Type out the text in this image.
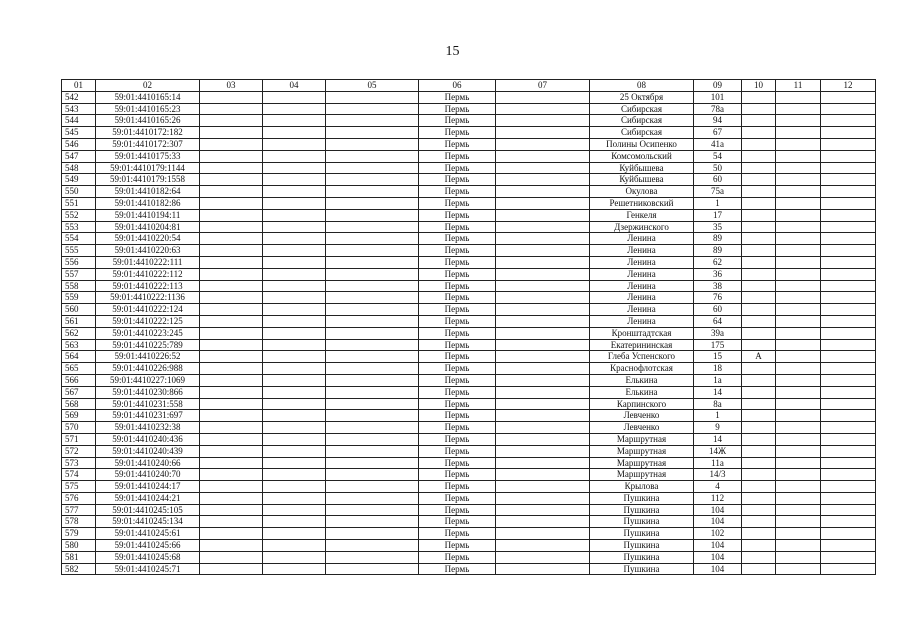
15
01	02	03	04	05	06	07	08	09	10	11	12
542	59:01:4410165:14				Пермь		25 Октября	101			
543	59:01:4410165:23				Пермь		Сибирская	78а			
544	59:01:4410165:26				Пермь		Сибирская	94			
545	59:01:4410172:182				Пермь		Сибирская	67			
546	59:01:4410172:307				Пермь		Полины Осипенко	41а			
547	59:01:4410175:33				Пермь		Комсомольский	54			
548	59:01:4410179:1144				Пермь		Куйбышева	50			
549	59:01:4410179:1558				Пермь		Куйбышева	60			
550	59:01:4410182:64				Пермь		Окулова	75а			
551	59:01:4410182:86				Пермь		Решетниковский	1			
552	59:01:4410194:11				Пермь		Генкеля	17			
553	59:01:4410204:81				Пермь		Дзержинского	35			
554	59:01:4410220:54				Пермь		Ленина	89			
555	59:01:4410220:63				Пермь		Ленина	89			
556	59:01:4410222:111				Пермь		Ленина	62			
557	59:01:4410222:112				Пермь		Ленина	36			
558	59:01:4410222:113				Пермь		Ленина	38			
559	59:01:4410222:1136				Пермь		Ленина	76			
560	59:01:4410222:124				Пермь		Ленина	60			
561	59:01:4410222:125				Пермь		Ленина	64			
562	59:01:4410223:245				Пермь		Кронштадтская	39а			
563	59:01:4410225:789				Пермь		Екатерининская	175			
564	59:01:4410226:52				Пермь		Глеба Успенского	15	А		
565	59:01:4410226:988				Пермь		Краснофлотская	18			
566	59:01:4410227:1069				Пермь		Елькина	1а			
567	59:01:4410230:866				Пермь		Елькина	14			
568	59:01:4410231:558				Пермь		Карпинского	8а			
569	59:01:4410231:697				Пермь		Левченко	1			
570	59:01:4410232:38				Пермь		Левченко	9			
571	59:01:4410240:436				Пермь		Маршрутная	14			
572	59:01:4410240:439				Пермь		Маршрутная	14Ж			
573	59:01:4410240:66				Пермь		Маршрутная	11а			
574	59:01:4410240:70				Пермь		Маршрутная	14/3			
575	59:01:4410244:17				Пермь		Крылова	4			
576	59:01:4410244:21				Пермь		Пушкина	112			
577	59:01:4410245:105				Пермь		Пушкина	104			
578	59:01:4410245:134				Пермь		Пушкина	104			
579	59:01:4410245:61				Пермь		Пушкина	102			
580	59:01:4410245:66				Пермь		Пушкина	104			
581	59:01:4410245:68				Пермь		Пушкина	104			
582	59:01:4410245:71				Пермь		Пушкина	104			
